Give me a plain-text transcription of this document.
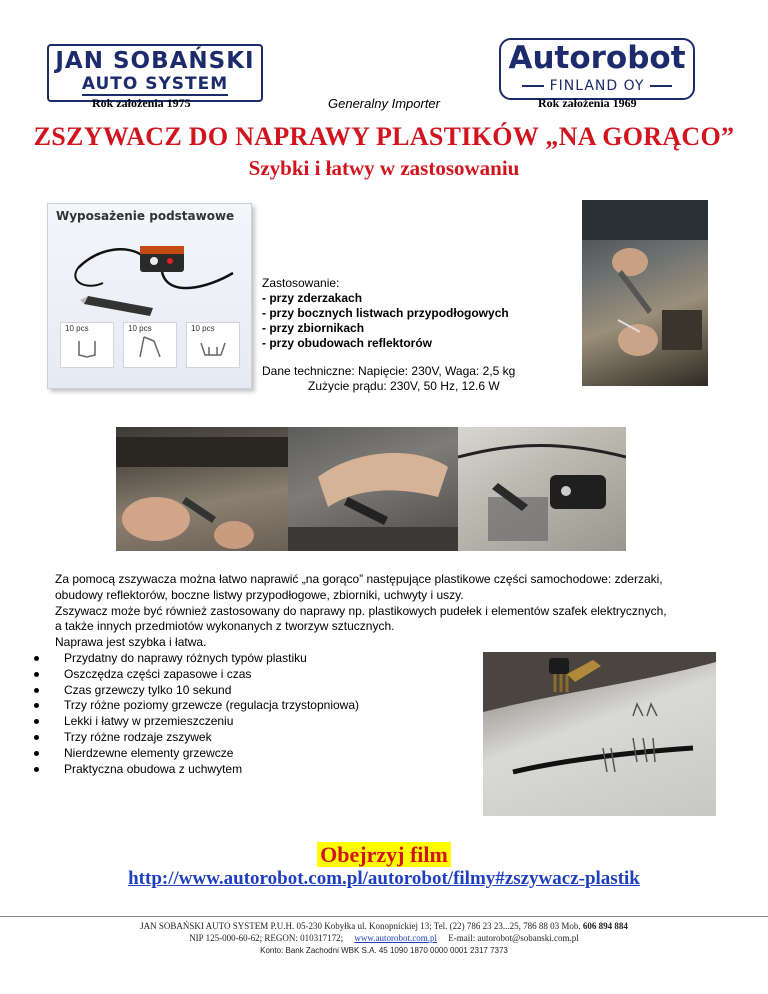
JAN SOBAŃSKI
AUTO SYSTEM
Rok założenia 1975	Generalny Importer
Autorobot
FINLAND OY
Rok założenia 1969
ZSZYWACZ DO NAPRAWY PLASTIKÓW „NA GORĄCO”
Szybki i łatwy w zastosowaniu
Wyposażenie podstawowe
10 pcs	10 pcs	10 pcs
Zastosowanie:
- przy zderzakach
- przy bocznych listwach przypodłogowych
- przy zbiornikach
- przy obudowach reflektorów
Dane techniczne: Napięcie: 230V, Waga: 2,5 kg
Zużycie prądu: 230V, 50 Hz, 12.6 W

Za pomocą zszywacza można łatwo naprawić „na gorąco” następujące plastikowe części samochodowe: zderzaki,

obudowy reflektorów, boczne listwy przypodłogowe, zbiorniki, uchwyty i uszy.

Zszywacz może być również zastosowany do naprawy np. plastikowych pudełek i elementów szafek elektrycznych,

a także innych przedmiotów wykonanych z tworzyw sztucznych.

Naprawa jest szybka i łatwa.

Przydatny do naprawy różnych typów plastiku
Oszczędza części zapasowe i czas
Czas grzewczy tylko 10 sekund
Trzy różne poziomy grzewcze (regulacja trzystopniowa)
Lekki i łatwy w przemieszczeniu
Trzy różne rodzaje zszywek
Nierdzewne elementy grzewcze
Praktyczna obudowa z uchwytem
Obejrzyj film
http://www.autorobot.com.pl/autorobot/filmy#zszywacz-plastik
JAN SOBAŃSKI AUTO SYSTEM P.U.H. 05-230 Kobyłka ul. Konopnickiej 13; Tel. (22) 786 23 23...25, 786 88 03 Mob. 606 894 884
NIP 125-000-60-62; REGON: 010317172; www.autorobot.com.pl E-mail: autorobot@sobanski.com.pl
Konto: Bank Zachodni WBK S.A. 45 1090 1870 0000 0001 2317 7373
